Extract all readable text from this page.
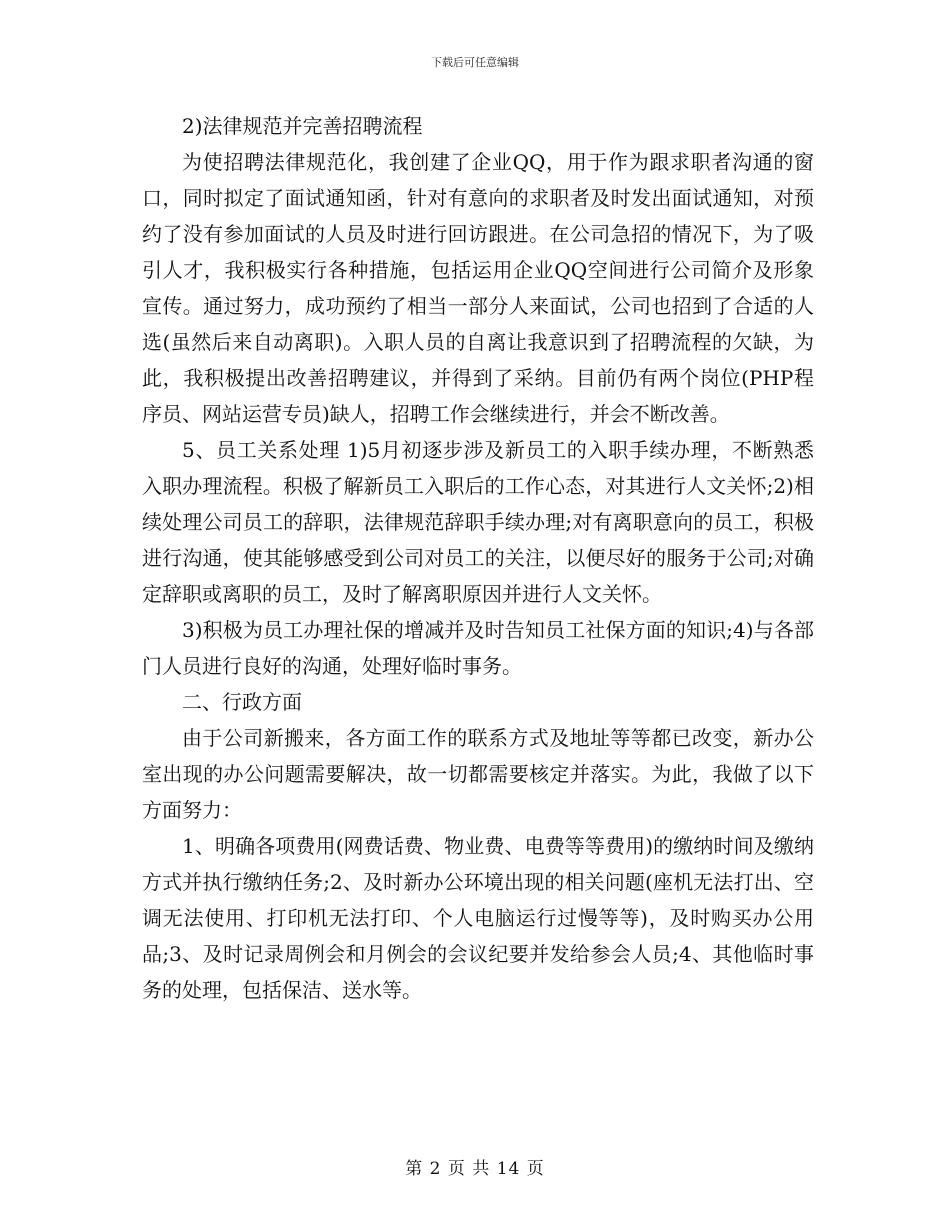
下载后可任意编辑

2)法律规范并完善招聘流程

为使招聘法律规范化，我创建了企业QQ，用于作为跟求职者沟通的窗口，同时拟定了面试通知函，针对有意向的求职者及时发出面试通知，对预约了没有参加面试的人员及时进行回访跟进。在公司急招的情况下，为了吸引人才，我积极实行各种措施，包括运用企业QQ空间进行公司简介及形象宣传。通过努力，成功预约了相当一部分人来面试，公司也招到了合适的人选(虽然后来自动离职)。入职人员的自离让我意识到了招聘流程的欠缺，为此，我积极提出改善招聘建议，并得到了采纳。目前仍有两个岗位(PHP程序员、网站运营专员)缺人，招聘工作会继续进行，并会不断改善。

5、员工关系处理 1)5月初逐步涉及新员工的入职手续办理，不断熟悉入职办理流程。积极了解新员工入职后的工作心态，对其进行人文关怀;2)相续处理公司员工的辞职，法律规范辞职手续办理;对有离职意向的员工，积极进行沟通，使其能够感受到公司对员工的关注，以便尽好的服务于公司;对确定辞职或离职的员工，及时了解离职原因并进行人文关怀。

3)积极为员工办理社保的增减并及时告知员工社保方面的知识;4)与各部门人员进行良好的沟通，处理好临时事务。

二、行政方面

由于公司新搬来，各方面工作的联系方式及地址等等都已改变，新办公室出现的办公问题需要解决，故一切都需要核定并落实。为此，我做了以下方面努力：

1、明确各项费用(网费话费、物业费、电费等等费用)的缴纳时间及缴纳方式并执行缴纳任务;2、及时新办公环境出现的相关问题(座机无法打出、空调无法使用、打印机无法打印、个人电脑运行过慢等等)，及时购买办公用品;3、及时记录周例会和月例会的会议纪要并发给参会人员;4、其他临时事务的处理，包括保洁、送水等。

第 2 页 共 14 页
